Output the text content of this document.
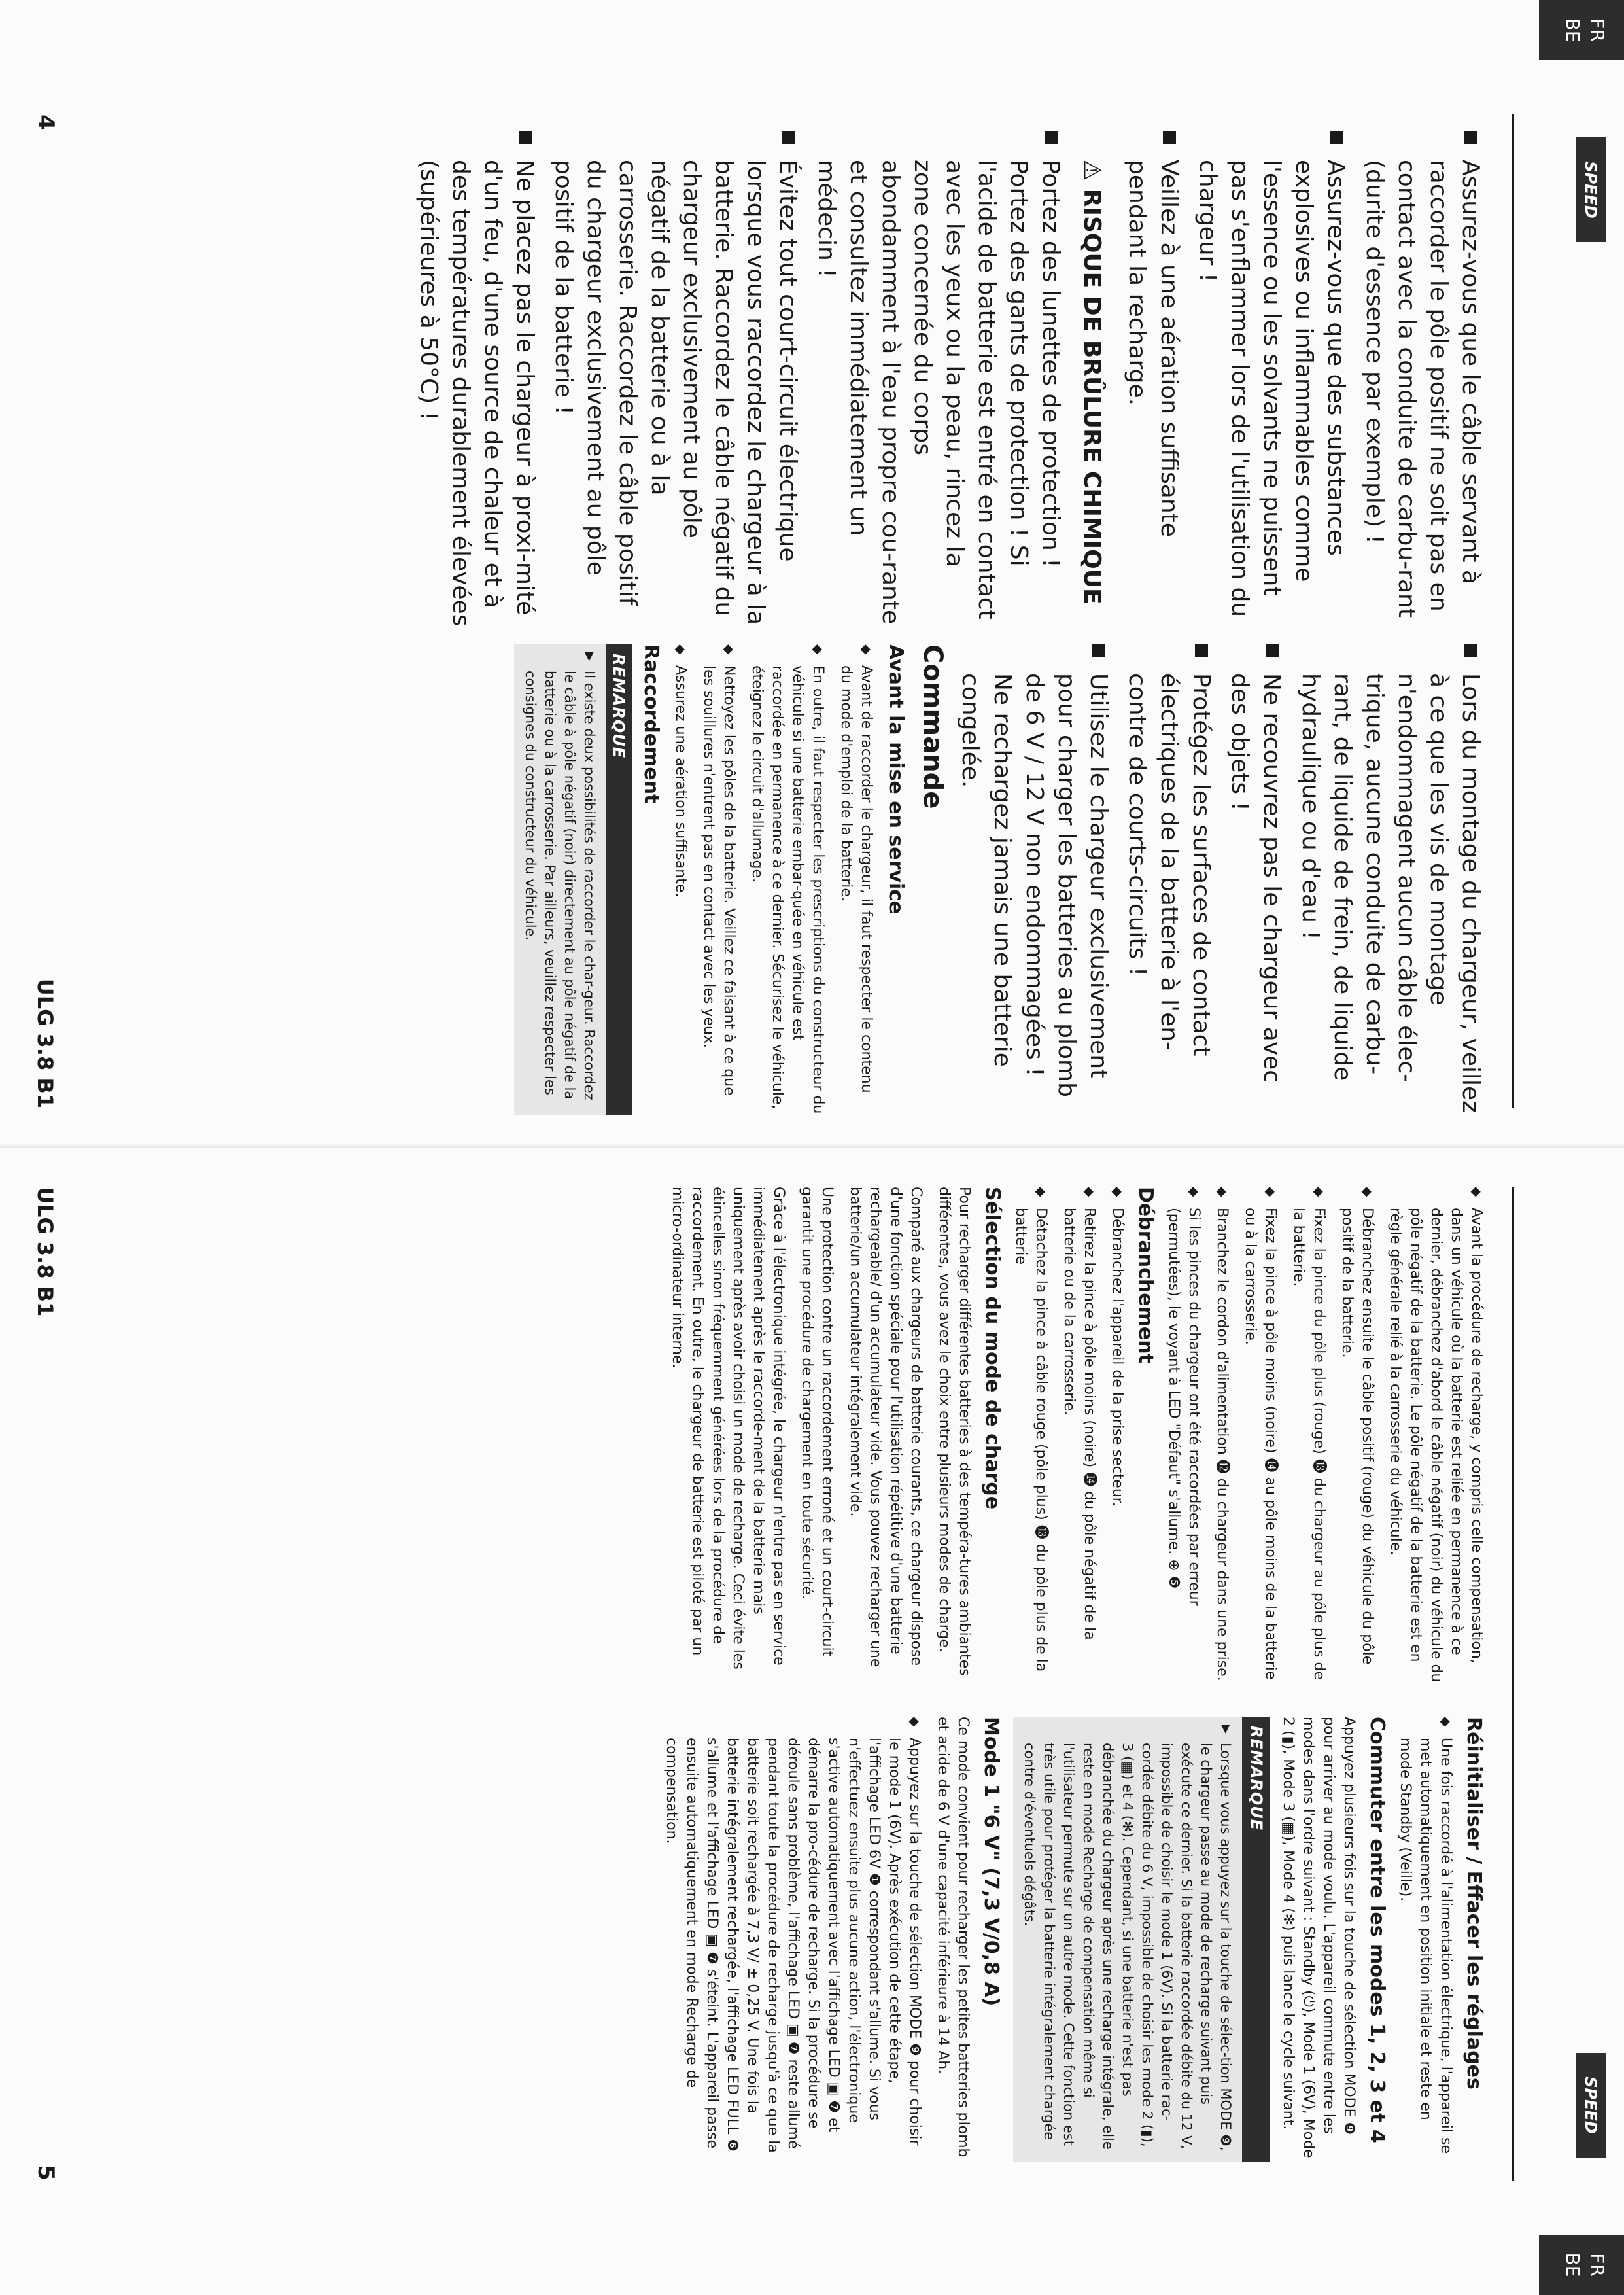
FR
BE
SPEED

Assurez-vous que le câble servant à raccorder le pôle positif ne soit pas en contact avec la conduite de carbu-rant (durite d'essence par exemple) !

Assurez-vous que des substances explosives ou inflammables comme l'essence ou les solvants ne puissent pas s'enflammer lors de l'utilisation du chargeur !

Veillez à une aération suffisante pendant la recharge.

⚠ RISQUE DE BRÛLURE CHIMIQUE

Portez des lunettes de protection ! Portez des gants de protection ! Si l'acide de batterie est entré en contact avec les yeux ou la peau, rincez la zone concernée du corps abondamment à l'eau propre cou-rante et consultez immédiatement un médecin !

Évitez tout court-circuit électrique lorsque vous raccordez le chargeur à la batterie. Raccordez le câble négatif du chargeur exclusivement au pôle négatif de la batterie ou à la carrosserie. Raccordez le câble positif du chargeur exclusivement au pôle positif de la batterie !

Ne placez pas le chargeur à proxi-mité d'un feu, d'une source de chaleur et à des températures durablement élevées (supérieures à 50°C) !

Lors du montage du chargeur, veillez à ce que les vis de montage n'endommagent aucun câble élec-trique, aucune conduite de carbu-rant, de liquide de frein, de liquide hydraulique ou d'eau !

Ne recouvrez pas le chargeur avec des objets !

Protégez les surfaces de contact électriques de la batterie à l'en-contre de courts-circuits !

Utilisez le chargeur exclusivement pour charger les batteries au plomb de 6 V / 12 V non endommagées ! Ne rechargez jamais une batterie congelée.

Commande
Avant la mise en service

◆ Avant de raccorder le chargeur, il faut respecter le contenu du mode d'emploi de la batterie.

◆ En outre, il faut respecter les prescriptions du constructeur du véhicule si une batterie embar-quée en véhicule est raccordée en permanence à ce dernier. Sécurisez le véhicule, éteignez le circuit d'allumage.

◆ Nettoyez les pôles de la batterie. Veillez ce faisant à ce que les souillures n'entrent pas en contact avec les yeux.

◆ Assurez une aération suffisante.

Raccordement
REMARQUE
▶ Il existe deux possibilités de raccorder le char-geur. Raccordez le câble à pôle négatif (noir) directement au pôle négatif de la batterie ou à la carrosserie. Par ailleurs, veuillez respecter les consignes du constructeur du véhicule.
4
ULG 3.8 B1
FR
BE
SPEED

◆ Avant la procédure de recharge, y compris celle compensation, dans un véhicule où la batterie est reliée en permanence à ce dernier, débranchez d'abord le câble négatif (noir) du véhicule du pôle négatif de la batterie. Le pôle négatif de la batterie est en règle générale relié à la carrosserie du véhicule.

◆ Débranchez ensuite le câble positif (rouge) du véhicule du pôle positif de la batterie.

◆ Fixez la pince du pôle plus (rouge) ⓭ du chargeur au pôle plus de la batterie.

◆ Fixez la pince à pôle moins (noire) ⓮ au pôle moins de la batterie ou à la carrosserie.

◆ Branchez le cordon d'alimentation ⓬ du chargeur dans une prise.

◆ Si les pinces du chargeur ont été raccordées par erreur (permutées), le voyant à LED "Défaut" s'allume. ⊕ ❺

Débranchement

◆ Débranchez l'appareil de la prise secteur.

◆ Retirez la pince à pôle moins (noire) ⓮ du pôle négatif de la batterie ou de la carrosserie.

◆ Détachez la pince à câble rouge (pôle plus) ⓭ du pôle plus de la batterie

Sélection du mode de charge

Pour recharger différentes batteries à des tempéra-tures ambiantes différentes, vous avez le choix entre plusieurs modes de charge.

Comparé aux chargeurs de batterie courants, ce chargeur dispose d'une fonction spéciale pour l'utilisation répétitive d'une batterie rechargeable/ d'un accumulateur vide. Vous pouvez recharger une batterie/un accumulateur intégralement vide.

Une protection contre un raccordement erroné et un court-circuit garantit une procédure de chargement en toute sécurité.

Grâce à l'électronique intégrée, le chargeur n'entre pas en service immédiatement après le raccorde-ment de la batterie mais uniquement après avoir choisi un mode de recharge. Ceci évite les étincelles sinon fréquemment générées lors de la procédure de raccordement. En outre, le chargeur de batterie est piloté par un micro-ordinateur interne.

Réinitialiser / Effacer les réglages

◆ Une fois raccordé à l'alimentation électrique, l'appareil se met automatiquement en position initiale et reste en mode Standby (Veille).

Commuter entre les modes 1, 2, 3 et 4

Appuyez plusieurs fois sur la touche de sélection MODE ❾ pour arriver au mode voulu. L'appareil commute entre les modes dans l'ordre suivant : Standby (⏻), Mode 1 (6V), Mode 2 (▮), Mode 3 (▦), Mode 4 (✻) puis lance le cycle suivant.

REMARQUE
▶ Lorsque vous appuyez sur la touche de sélec-tion MODE ❾, le chargeur passe au mode de recharge suivant puis exécute ce dernier. Si la batterie raccordée débite du 12 V, impossible de choisir le mode 1 (6V). Si la batterie rac-cordée débite du 6 V, impossible de choisir les mode 2 (▮), 3 (▦) et 4 (✻). Cependant, si une batterie n'est pas débranchée du chargeur après une recharge intégrale, elle reste en mode Recharge de compensation même si l'utilisateur permute sur un autre mode. Cette fonction est très utile pour protéger la batterie intégralement chargée contre d'éventuels dégâts.
Mode 1 "6 V" (7,3 V/0,8 A)

Ce mode convient pour recharger les petites batteries plomb et acide de 6 V d'une capacité inférieure à 14 Ah.

◆ Appuyez sur la touche de sélection MODE ❾ pour choisir le mode 1 (6V). Après exécution de cette étape, l'affichage LED 6V ❶ correspondant s'allume. Si vous n'effectuez ensuite plus aucune action, l'électronique s'active automatiquement avec l'affichage LED ▣ ❼ et démarre la pro-cédure de recharge. Si la procédure se déroule sans problème, l'affichage LED ▣ ❼ reste allumé pendant toute la procédure de recharge jusqu'à ce que la batterie soit rechargée à 7,3 V/ ± 0,25 V. Une fois la batterie intégralement rechargée, l'affichage LED FULL ❻ s'allume et l'affichage LED ▣ ❼ s'éteint. L'appareil passe ensuite automatiquement en mode Recharge de compensation.

5
ULG 3.8 B1
